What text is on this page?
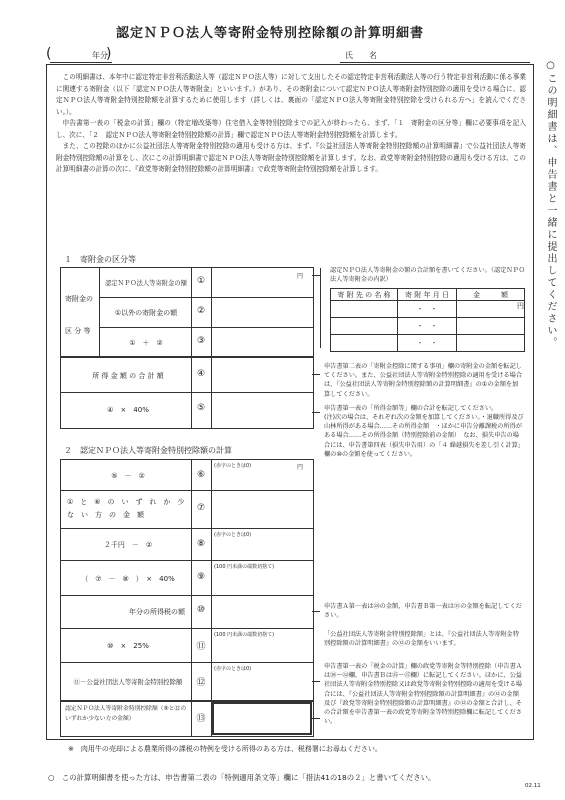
認定ＮＰＯ法人等寄附金特別控除額の計算明細書
(	年分
)	氏　　名
○この明細書は、申告書と一緒に提出してください。

この明細書は、本年中に認定特定非営利活動法人等（認定ＮＰＯ法人等）に対して支出したその認定特定非営利活動法人等の行う特定非営利活動に係る事業に関連する寄附金（以下「認定ＮＰＯ法人等寄附金」といいます。）があり、その寄附金について認定ＮＰＯ法人等寄附金特別控除の適用を受ける場合に、認定ＮＰＯ法人等寄附金特別控除額を計算するために使用します（詳しくは、裏面の「認定ＮＰＯ法人等寄附金特別控除を受けられる方へ」を読んでください。）。

申告書第一表の「税金の計算」欄の（特定増改築等）住宅借入金等特別控除までの記入が終わったら、まず、「１　寄附金の区分等」欄に必要事項を記入し、次に、「２　認定ＮＰＯ法人等寄附金特別控除額の計算」欄で認定ＮＰＯ法人等寄附金特別控除額を計算します。

また、この控除のほかに公益社団法人等寄附金特別控除の適用も受ける方は、まず、『公益社団法人等寄附金特別控除額の計算明細書』で公益社団法人等寄附金特別控除額の計算をし、次にこの計算明細書で認定ＮＰＯ法人等寄附金特別控除額を計算します。なお、政党等寄附金特別控除の適用も受ける方は、この計算明細書の計算の次に、『政党等寄附金特別控除額の計算明細書』で政党等寄附金特別控除額を計算します。

１　寄附金の区分等
寄附金の
区 分 等
認定ＮＰＯ法人等寄附金の額	①	円
①以外の寄附金の額	②
①　＋　②	③
所 得 金 額 の 合 計 額	④
④　×　40%	⑤
認定ＮＰＯ法人等寄附金の額の合計額を書いてください。（認定ＮＰＯ法人等寄附金の内訳）
寄 附 先 の 名 称	寄 附 年 月 日	金　　　額
	・　・	円
	・　・	
	・　・	
申告書第二表の「寄附金控除に関する事項」欄の寄附金の金額を転記してください。また、公益社団法人等寄附金特別控除の適用を受ける場合は、『公益社団法人等寄附金特別控除額の計算明細書』の①の金額を加算してください。
申告書第一表の「所得金額等」欄の合計を転記してください。
(注)次の場合は、それぞれ次の金額を加算してください。・退職所得及び山林所得がある場合……その所得金額　・ほかに申告分離課税の所得がある場合……その所得金額（特別控除前の金額）　なお、損失申告の場合には、申告書第四表（損失申告用）の「４ 繰越損失を差し引く計算」欄の⑩の金額を使ってください。
２　認定ＮＰＯ法人等寄附金特別控除額の計算
⑤　－　②	⑥
(赤字のときは0)	円
①　と　⑥　の　い　ず　れ　か　少　な　い　方　の　金　額
⑦
２千円　－　②	⑧
(赤字のときは0)
（　⑦　－　⑧　）　×　40%	⑨
(100 円未満の端数切捨て)
年分の所得税の額	⑩
⑩　×　25%	⑪
(100 円未満の端数切捨て)
⑪－公益社団法人等寄附金特別控除額	⑫
(赤字のときは0)
認定ＮＰＯ法人等寄附金特別控除額（⑨と⑫のいずれか少ない方の金額）	⑬
申告書Ａ第一表は㉘の金額、申告書Ｂ第一表は㉛の金額を転記してください。
「公益社団法人等寄附金特別控除額」とは、『公益社団法人等寄附金特別控除額の計算明細書』の⑫の金額をいいます。
申告書第一表の「税金の計算」欄の政党等寄附金等特別控除（申告書Ａは㉚～㉜欄、申告書Ｂは㉟～㊲欄）に転記してください。ほかに、公益社団法人等寄附金特別控除又は政党等寄附金特別控除の適用を受ける場合には、『公益社団法人等寄附金特別控除額の計算明細書』の⑫の金額及び『政党等寄附金特別控除額の計算明細書』の⑫の金額と合計し、その合計額を申告書第一表の政党等寄附金等特別控除欄に転記してください。
※　肉用牛の売却による農業所得の課税の特例を受ける所得のある方は、税務署にお尋ねください。
○　この計算明細書を使った方は、申告書第二表の「特例適用条文等」欄に「措法41の18の２」と書いてください。
02.11
